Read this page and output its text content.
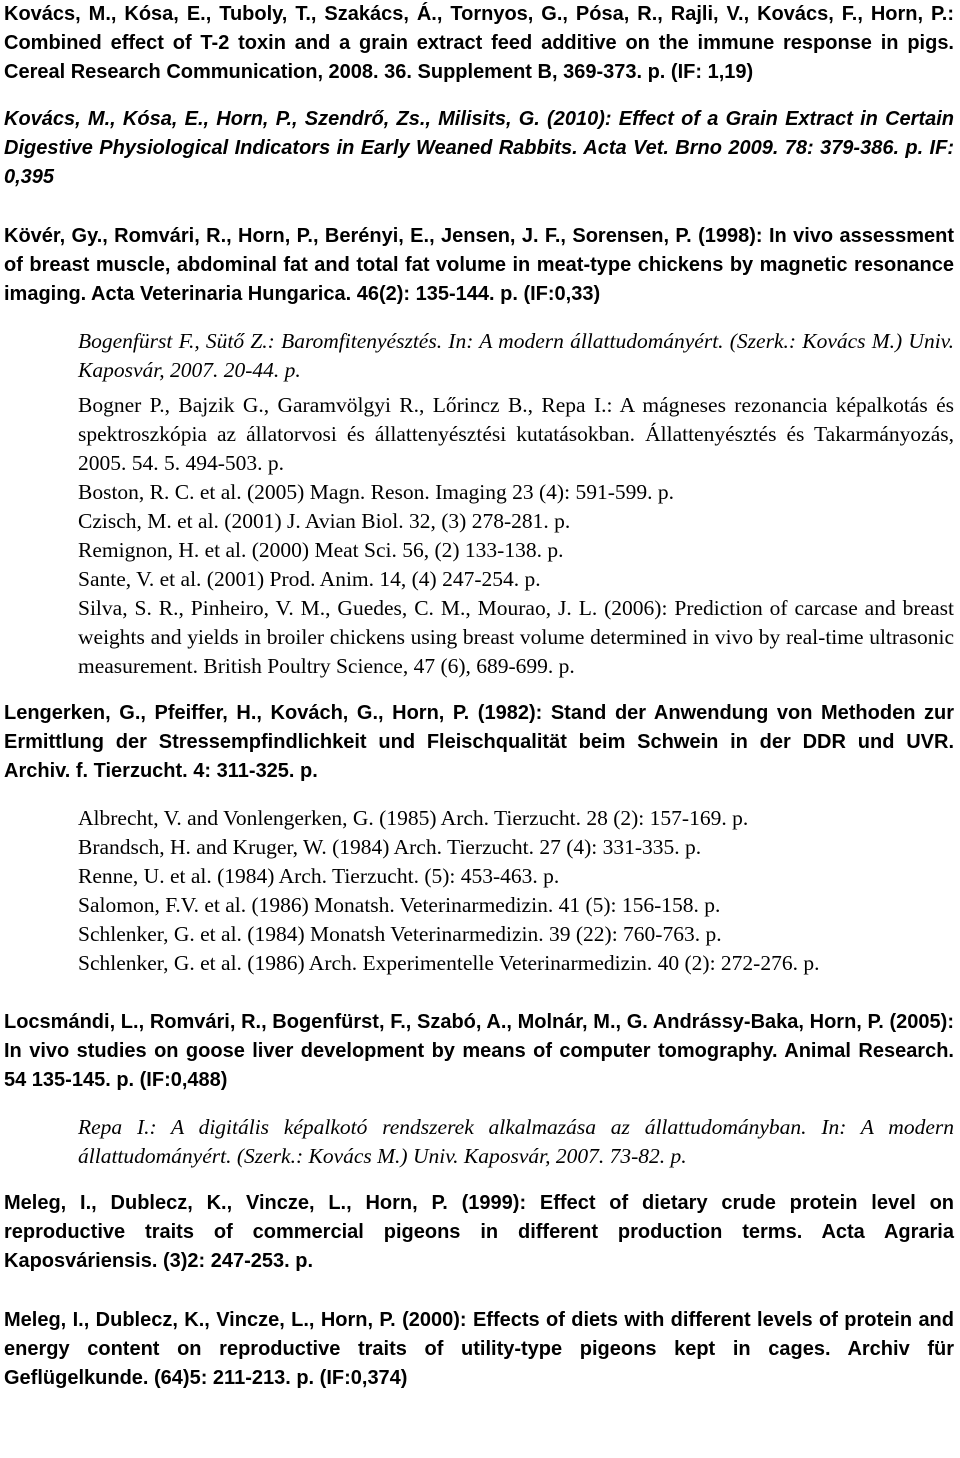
Kovács, M., Kósa, E., Tuboly, T., Szakács, Á., Tornyos, G., Pósa, R., Rajli, V., Kovács, F., Horn, P.: Combined effect of T-2 toxin and a grain extract feed additive on the immune response in pigs. Cereal Research Communication, 2008. 36. Supplement B, 369-373. p. (IF: 1,19)

Kovács, M., Kósa, E., Horn, P., Szendrő, Zs., Milisits, G. (2010): Effect of a Grain Extract in Certain Digestive Physiological Indicators in Early Weaned Rabbits. Acta Vet. Brno 2009. 78: 379-386. p. IF: 0,395

Kövér, Gy., Romvári, R., Horn, P., Berényi, E., Jensen, J. F., Sorensen, P. (1998): In vivo assessment of breast muscle, abdominal fat and total fat volume in meat-type chickens by magnetic resonance imaging. Acta Veterinaria Hungarica. 46(2): 135-144. p. (IF:0,33)

Bogenfürst F., Sütő Z.: Baromfitenyésztés. In: A modern állattudományért. (Szerk.: Kovács M.) Univ. Kaposvár, 2007. 20-44. p.

Bogner P., Bajzik G., Garamvölgyi R., Lőrincz B., Repa I.: A mágneses rezonancia képalkotás és spektroszkópia az állatorvosi és állattenyésztési kutatásokban. Állattenyésztés és Takarmányozás, 2005. 54. 5. 494-503. p.

Boston, R. C. et al. (2005) Magn. Reson. Imaging 23 (4): 591-599. p.

Czisch, M. et al. (2001) J. Avian Biol. 32, (3) 278-281. p.

Remignon, H. et al. (2000) Meat Sci. 56, (2) 133-138. p.

Sante, V. et al. (2001) Prod. Anim. 14, (4) 247-254. p.

Silva, S. R., Pinheiro, V. M., Guedes, C. M., Mourao, J. L. (2006): Prediction of carcase and breast weights and yields in broiler chickens using breast volume determined in vivo by real-time ultrasonic measurement. British Poultry Science, 47 (6), 689-699. p.

Lengerken, G., Pfeiffer, H., Kovách, G., Horn, P. (1982): Stand der Anwendung von Methoden zur Ermittlung der Stressempfindlichkeit und Fleischqualität beim Schwein in der DDR und UVR. Archiv. f. Tierzucht. 4: 311-325. p.

Albrecht, V. and Vonlengerken, G. (1985) Arch. Tierzucht. 28 (2): 157-169. p.

Brandsch, H. and Kruger, W. (1984) Arch. Tierzucht. 27 (4): 331-335. p.

Renne, U. et al. (1984) Arch. Tierzucht. (5): 453-463. p.

Salomon, F.V. et al. (1986) Monatsh. Veterinarmedizin. 41 (5): 156-158. p.

Schlenker, G. et al. (1984) Monatsh Veterinarmedizin. 39 (22): 760-763. p.

Schlenker, G. et al. (1986) Arch. Experimentelle Veterinarmedizin. 40 (2): 272-276. p.

Locsmándi, L., Romvári, R., Bogenfürst, F., Szabó, A., Molnár, M., G. Andrássy-Baka, Horn, P. (2005): In vivo studies on goose liver development by means of computer tomography. Animal Research. 54 135-145. p. (IF:0,488)

Repa I.: A digitális képalkotó rendszerek alkalmazása az állattudományban. In: A modern állattudományért. (Szerk.: Kovács M.) Univ. Kaposvár, 2007. 73-82. p.

Meleg, I., Dublecz, K., Vincze, L., Horn, P. (1999): Effect of dietary crude protein level on reproductive traits of commercial pigeons in different production terms. Acta Agraria Kaposváriensis. (3)2: 247-253. p.

Meleg, I., Dublecz, K., Vincze, L., Horn, P. (2000): Effects of diets with different levels of protein and energy content on reproductive traits of utility-type pigeons kept in cages. Archiv für Geflügelkunde. (64)5: 211-213. p. (IF:0,374)
